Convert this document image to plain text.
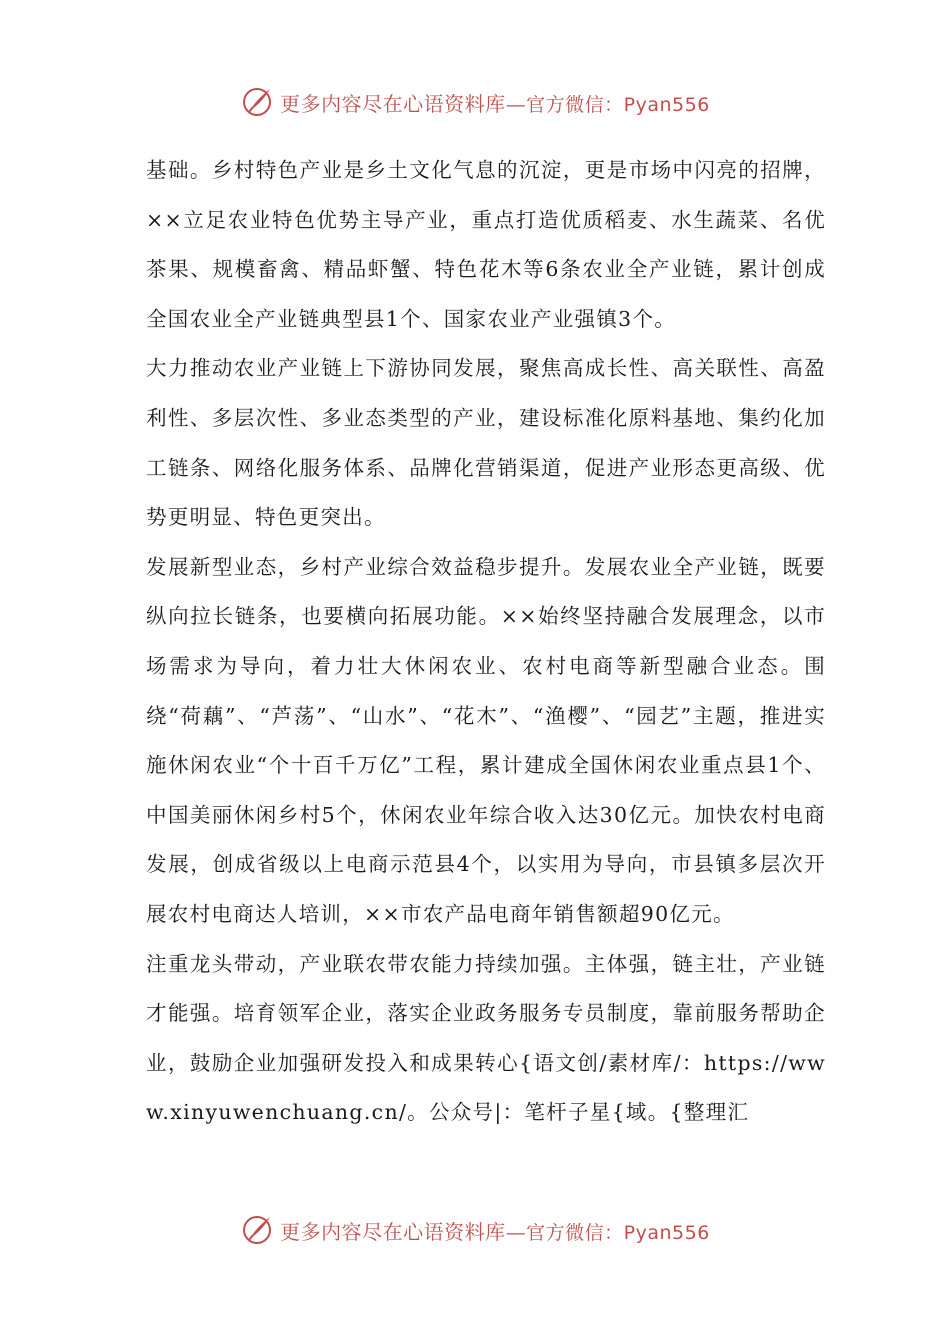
更多内容尽在心语资料库—官方微信：Pyan556

基础。乡村特色产业是乡土文化气息的沉淀，更是市场中闪亮的招牌，××立足农业特色优势主导产业，重点打造优质稻麦、水生蔬菜、名优茶果、规模畜禽、精品虾蟹、特色花木等6条农业全产业链，累计创成全国农业全产业链典型县1个、国家农业产业强镇3个。

大力推动农业产业链上下游协同发展，聚焦高成长性、高关联性、高盈利性、多层次性、多业态类型的产业，建设标准化原料基地、集约化加工链条、网络化服务体系、品牌化营销渠道，促进产业形态更高级、优势更明显、特色更突出。

发展新型业态，乡村产业综合效益稳步提升。发展农业全产业链，既要纵向拉长链条，也要横向拓展功能。××始终坚持融合发展理念，以市场需求为导向，着力壮大休闲农业、农村电商等新型融合业态。围绕“荷藕”、“芦荡”、“山水”、“花木”、“渔樱”、“园艺”主题，推进实施休闲农业“个十百千万亿”工程，累计建成全国休闲农业重点县1个、中国美丽休闲乡村5个，休闲农业年综合收入达30亿元。加快农村电商发展，创成省级以上电商示范县4个，以实用为导向，市县镇多层次开展农村电商达人培训，××市农产品电商年销售额超90亿元。

注重龙头带动，产业联农带农能力持续加强。主体强，链主壮，产业链才能强。培育领军企业，落实企业政务服务专员制度，靠前服务帮助企业，鼓励企业加强研发投入和成果转心{语文创/素材库/：https://www.xinyuwenchuang.cn/。公众号|：笔杆子星{域。{整理汇

更多内容尽在心语资料库—官方微信：Pyan556
